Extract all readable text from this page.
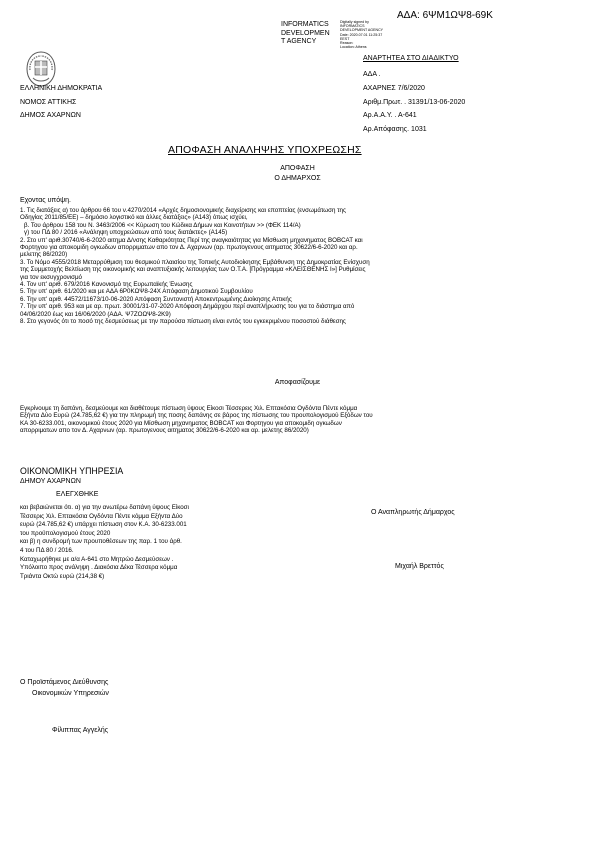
ΑΔΑ: 6ΨΜ1ΩΨ8-69Κ
INFORMATICS
DEVELOPMEN
T AGENCY
Digitally signed by
INFORMATICS
DEVELOPMENT AGENCY
Date: 2020.07.01 11:25:37
EEST
Reason:
Location: Athens
ΑΝΑΡΤΗΤΕΑ ΣΤΟ ΔΙΑΔΙΚΤΥΟ
ΕΛΛΗΝΙΚΗ ΔΗΜΟΚΡΑΤΙΑ
ΝΟΜΟΣ ΑΤΤΙΚΗΣ
ΔΗΜΟΣ ΑΧΑΡΝΩΝ
ΑΔΑ .
ΑΧΑΡΝΕΣ 7/6/2020
Αριθμ.Πρωτ. . 31391/13-06-2020
Αρ.Α.Α.Υ. . Α-641
Αρ.Απόφασης. 1031
ΑΠΟΦΑΣΗ ΑΝΑΛΗΨΗΣ ΥΠΟΧΡΕΩΣΗΣ
ΑΠΟΦΑΣΗ
Ο ΔΗΜΑΡΧΟΣ
Εχοντας υπόψη.
1. Τις διατάξεις α) του άρθρου 66 του ν.4270/2014 «Αρχές δημοσιονομικής διαχείρισης και εποπτείας (ενσωμάτωση της
Οδηγίας 2011/85/ΕΕ) – δημόσιο λογιστικό και άλλες διατάξεις» (Α143) όπως ισχύει,
β. Του άρθρου 158 του Ν. 3463/2006 << Κύρωση του Κώδικα Δήμων και Κοινοτήτων >> (ΦΕΚ 114/Α)
γ) του ΠΔ 80 / 2016 «Ανάληψη υποχρεώσεων από τους διατάκτες» (Α145)
2. Στο υπ' αριθ.30740/6-6-2020 αιτημα Δ/νσης Καθαριότητας Περί της αναγκαιότητας για Μίσθωση μηχανηματος BOBCAT και
Φορτηγου για αποκομιδη ογκωδων απορριματων απο τον Δ. Αχαρνων (αρ. πρωτογενους αιτηματος 30622/6-6-2020 και αρ.
μελετης 86/2020)
3. Το Νόμο 4555/2018 Μεταρρύθμιση του θεσμικού πλαισίου της Τοπικής Αυτοδιοίκησης Εμβάθυνση της Δημοκρατίας Ενίσχυση
της Συμμετοχής Βελτίωση της οικονομικής και αναπτυξιακής λειτουργίας των Ο.Τ.Α. [Πρόγραμμα «ΚΛΕΙΣΘΕΝΗΣ Ι»] Ρυθμίσεις
για τον εκσυγχρονισμό
4. Τον υπ' αριθ. 679/2016 Κανονισμό της Ευρωπαϊκής Ένωσης
5. Την υπ' αριθ. 61/2020 και με ΑΔΑ 6Ρ0ΚΩΨ8-24Χ Απόφαση Δημοτικού Συμβουλίου
6. Την υπ' αριθ. 44572/11673/10-06-2020 Απόφαση Συντονιστή Αποκεντρωμένης Διοίκησης Αττικής
7. Την υπ' αριθ. 953 και με αρ. πρωτ. 30001/31-07-2020 Απόφαση Δημάρχου περί αναπλήρωσης του για το διάστημα από
04/06/2020 έως και 16/06/2020 (ΑΔΑ. Ψ7ΖΟΩΨ8-2Κ9)
8. Στο γεγονός ότι το ποσό της δεσμεύσεως με την παρούσα πίστωση είναι εντός του εγκεκριμένου ποσοστού διάθεσης
Αποφασίζουμε
Εγκρίνουμε τη δαπάνη, δεσμεύουμε και διαθέτουμε πίστωση ύψους Είκοσι Τέσσερεις Χιλ. Επτακόσια Ογδόντα Πέντε κόμμα
Εξήντα Δύο Ευρώ (24.785,62 €) για την πληρωμή της ποσης δαπάνης σε βάρος της πίστωσης του προυπολογισμού Εξόδων του
ΚΑ 30-6233.001, οικονομικού έτους 2020 για Μίσθωση μηχανηματος BOBCAT και Φορτηγου για αποκομιδη ογκωδων
απορριματων απο τον Δ. Αχαρνων (αρ. πρωτογενους αιτηματος 30622/6-6-2020 και αρ. μελετης 86/2020)
ΟΙΚΟΝΟΜΙΚΗ ΥΠΗΡΕΣΙΑ
ΔΗΜΟΥ ΑΧΑΡΝΩΝ
ΕΛΕΓΧΘΗΚΕ
και βεβαιώνεται ότι. α) για την ανωτέρω δαπάνη ύψους Είκοσι
Τέσσερις Χιλ. Επτακόσια Ογδόντα Πέντε κόμμα Εξήντα Δύο
ευρώ (24.785,62 €) υπάρχει πίστωση στον Κ.Α. 30-6233.001
του προϋπολογισμού έτους 2020
και β) η συνδρομή των προυποθέσεων της παρ. 1 του άρθ.
4 του ΠΔ 80 / 2016.
Καταχωρήθηκε με α/α Α-641 στο Μητρώο Δεσμεύσεων .
Υπόλοιπο προς ανάληψη . Διακόσια Δέκα Τέσσερα κόμμα
Τριάντα Οκτώ ευρώ (214,38 €)
Ο Αναπληρωτής Δήμαρχος
Μιχαήλ Βρεττός
Ο Προϊστάμενος Διεύθυνσης
Οικονομικών Υπηρεσιών
Φίλιππας Αγγελής
